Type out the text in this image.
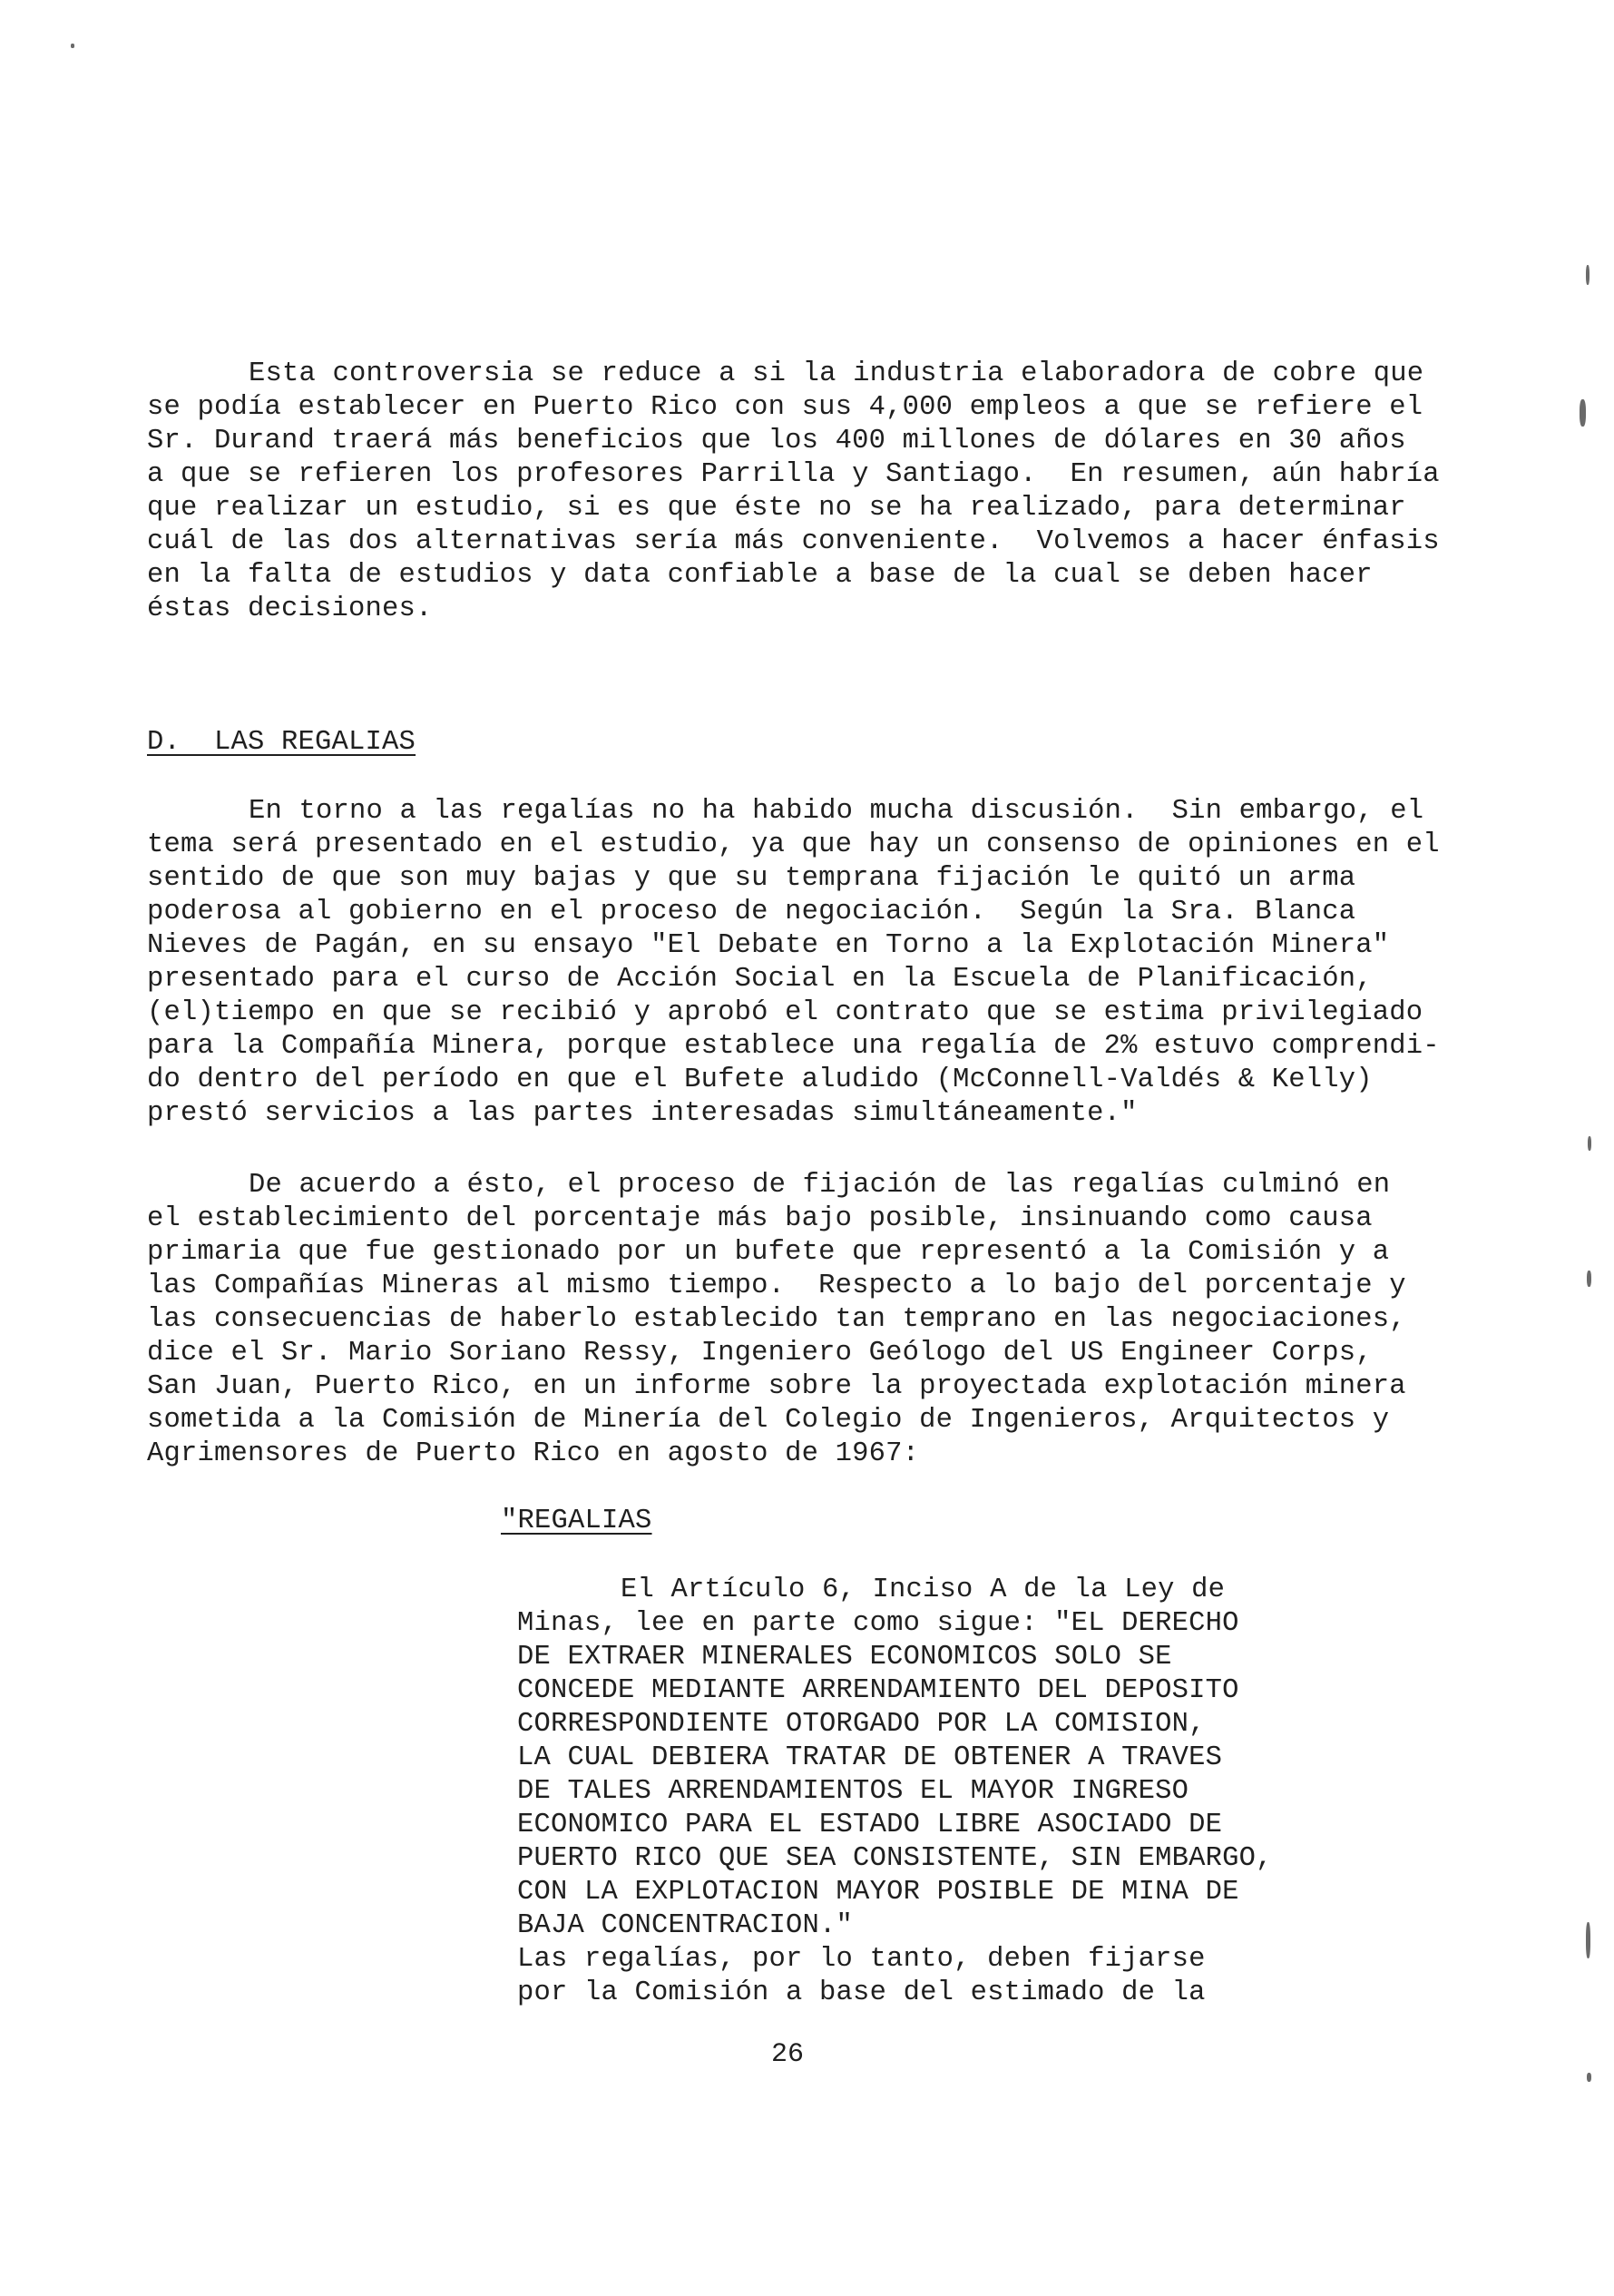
Esta controversia se reduce a si la industria elaboradora de cobre que
se podía establecer en Puerto Rico con sus 4,000 empleos a que se refiere el
Sr. Durand traerá más beneficios que los 400 millones de dólares en 30 años
a que se refieren los profesores Parrilla y Santiago.  En resumen, aún habría
que realizar un estudio, si es que éste no se ha realizado, para determinar
cuál de las dos alternativas sería más conveniente.  Volvemos a hacer énfasis
en la falta de estudios y data confiable a base de la cual se deben hacer
éstas decisiones.
D.  LAS REGALIAS
En torno a las regalías no ha habido mucha discusión.  Sin embargo, el
tema será presentado en el estudio, ya que hay un consenso de opiniones en el
sentido de que son muy bajas y que su temprana fijación le quitó un arma
poderosa al gobierno en el proceso de negociación.  Según la Sra. Blanca
Nieves de Pagán, en su ensayo "El Debate en Torno a la Explotación Minera"
presentado para el curso de Acción Social en la Escuela de Planificación,
(el)tiempo en que se recibió y aprobó el contrato que se estima privilegiado
para la Compañía Minera, porque establece una regalía de 2% estuvo comprendi-
do dentro del período en que el Bufete aludido (McConnell-Valdés & Kelly)
prestó servicios a las partes interesadas simultáneamente."
De acuerdo a ésto, el proceso de fijación de las regalías culminó en
el establecimiento del porcentaje más bajo posible, insinuando como causa
primaria que fue gestionado por un bufete que representó a la Comisión y a
las Compañías Mineras al mismo tiempo.  Respecto a lo bajo del porcentaje y
las consecuencias de haberlo establecido tan temprano en las negociaciones,
dice el Sr. Mario Soriano Ressy, Ingeniero Geólogo del US Engineer Corps,
San Juan, Puerto Rico, en un informe sobre la proyectada explotación minera
sometida a la Comisión de Minería del Colegio de Ingenieros, Arquitectos y
Agrimensores de Puerto Rico en agosto de 1967:
"REGALIAS
El Artículo 6, Inciso A de la Ley de
Minas, lee en parte como sigue: "EL DERECHO
DE EXTRAER MINERALES ECONOMICOS SOLO SE
CONCEDE MEDIANTE ARRENDAMIENTO DEL DEPOSITO
CORRESPONDIENTE OTORGADO POR LA COMISION,
LA CUAL DEBIERA TRATAR DE OBTENER A TRAVES
DE TALES ARRENDAMIENTOS EL MAYOR INGRESO
ECONOMICO PARA EL ESTADO LIBRE ASOCIADO DE
PUERTO RICO QUE SEA CONSISTENTE, SIN EMBARGO,
CON LA EXPLOTACION MAYOR POSIBLE DE MINA DE
BAJA CONCENTRACION."
Las regalías, por lo tanto, deben fijarse
por la Comisión a base del estimado de la
26
